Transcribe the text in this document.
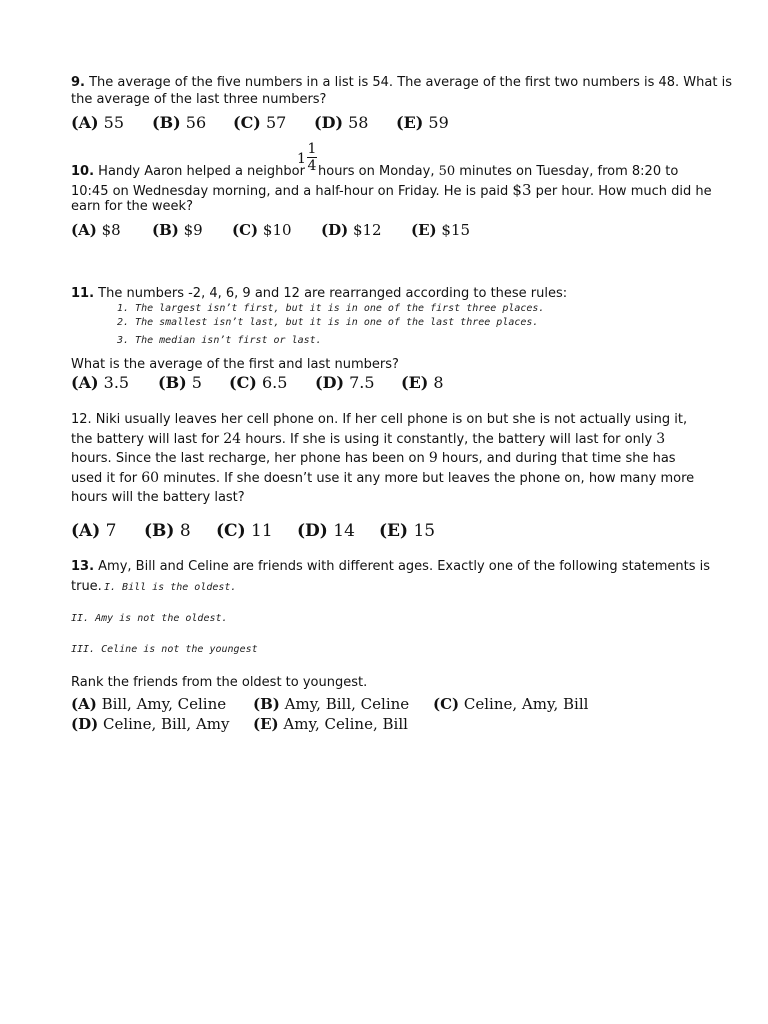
9. The average of the five numbers in a list is 54. The average of the first two numbers is 48. What is
the average of the last three numbers?
(A) 55 (B) 56 (C) 57 (D) 58 (E) 59
1
1
4
10. Handy Aaron helped a neighbor hours on Monday, 50 minutes on Tuesday, from 8:20 to
10:45 on Wednesday morning, and a half-hour on Friday. He is paid $3 per hour. How much did he
earn for the week?
(A) $8 (B) $9 (C) $10 (D) $12 (E) $15
11. The numbers -2, 4, 6, 9 and 12 are rearranged according to these rules:
1. The largest isn’t first, but it is in one of the first three places.
2. The smallest isn’t last, but it is in one of the last three places.
3. The median isn’t first or last.
What is the average of the first and last numbers?
(A) 3.5 (B) 5 (C) 6.5 (D) 7.5 (E) 8
12. Niki usually leaves her cell phone on. If her cell phone is on but she is not actually using it, the battery will last for 24 hours. If she is using it constantly, the battery will last for only 3 hours. Since the last recharge, her phone has been on 9 hours, and during that time she has used it for 60 minutes. If she doesn’t use it any more but leaves the phone on, how many more hours will the battery last?
(A) 7 (B) 8 (C) 11 (D) 14 (E) 15
13. Amy, Bill and Celine are friends with different ages. Exactly one of the following statements is
true. I. Bill is the oldest.
II. Amy is not the oldest.
III. Celine is not the youngest
Rank the friends from the oldest to youngest.
(A) Bill, Amy, Celine (B) Amy, Bill, Celine (C) Celine, Amy, Bill
(D) Celine, Bill, Amy (E) Amy, Celine, Bill
